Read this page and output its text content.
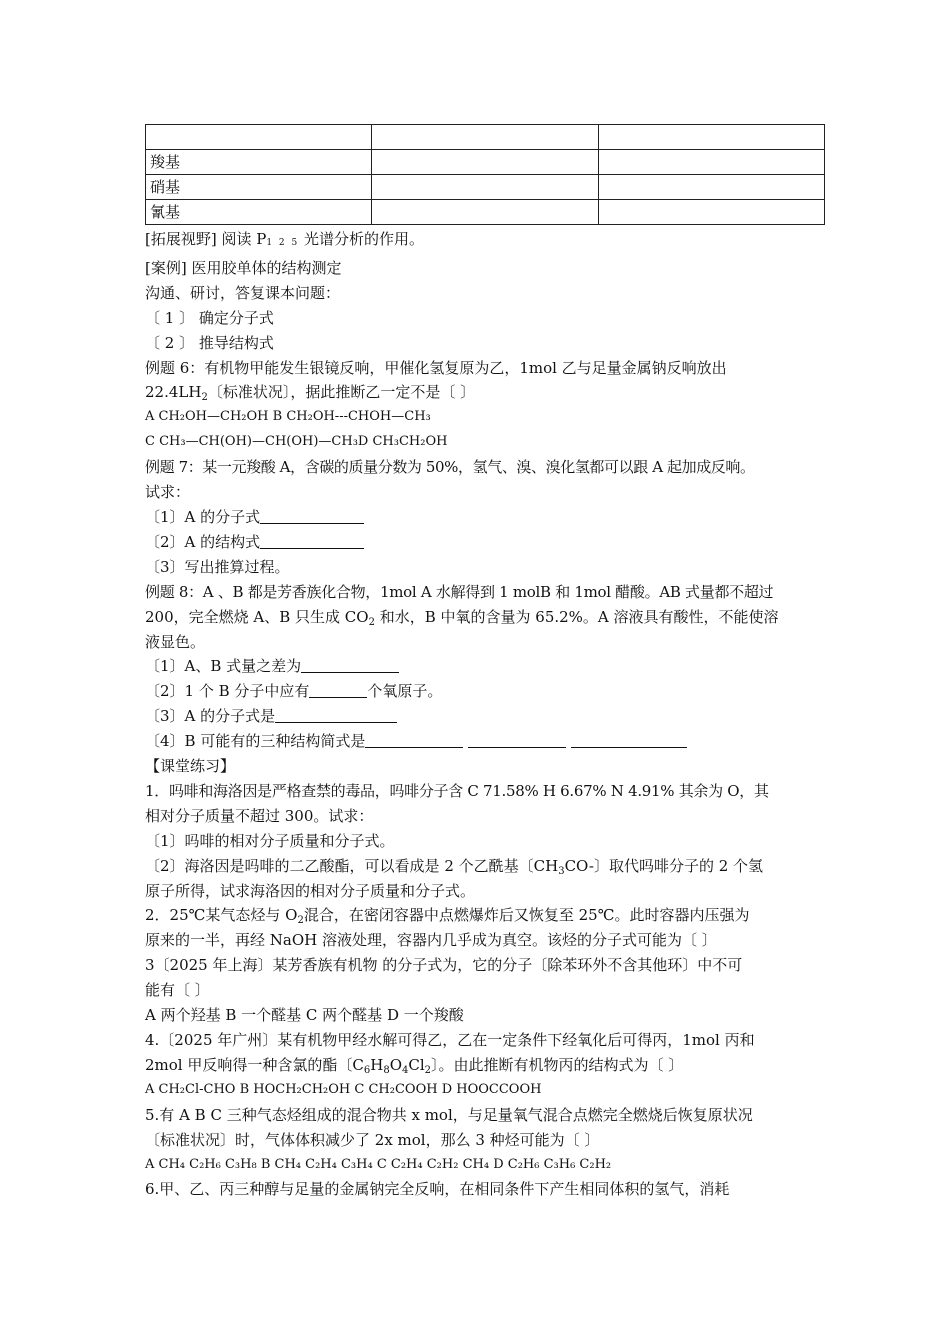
羧基		
硝基		
氰基		
[拓展视野] 阅读 P1 2 5 光谱分析的作用。
[案例] 医用胶单体的结构测定
沟通、研讨，答复课本问题：
〔 1 〕 确定分子式
〔 2 〕 推导结构式
例题 6：有机物甲能发生银镜反响，甲催化氢复原为乙，1mol 乙与足量金属钠反响放出
$22.4LH_2$〔标准状况〕，据此推断乙一定不是〔 〕
A CH₂OH—CH₂OH B CH₂OH---CHOH—CH₃
C CH₃—CH(OH)—CH(OH)—CH₃D CH₃CH₂OH
例题 7：某一元羧酸 A，含碳的质量分数为 50%，氢气、溴、溴化氢都可以跟 A 起加成反响。
试求：
〔1〕A 的分子式
〔2〕A 的结构式
〔3〕写出推算过程。
例题 8：A 、B 都是芳香族化合物，1mol A 水解得到 1 molB 和 1mol 醋酸。AB 式量都不超过
200，完全燃烧 A、B 只生成 $CO_2$ 和水，B 中氧的含量为 65.2%。A 溶液具有酸性，不能使溶
液显色。
〔1〕A、B 式量之差为
〔2〕1 个 B 分子中应有	个氧原子。
〔3〕A 的分子式是
〔4〕B 可能有的三种结构简式是
【课堂练习】
1．吗啡和海洛因是严格查禁的毒品，吗啡分子含 C 71.58% H 6.67% N 4.91% 其余为 O，其
相对分子质量不超过 300。试求：
〔1〕吗啡的相对分子质量和分子式。
〔2〕海洛因是吗啡的二乙酸酯，可以看成是 2 个乙酰基〔$CH_3CO-$〕取代吗啡分子的 2 个氢
原子所得，试求海洛因的相对分子质量和分子式。
2．25℃某气态烃与 $O_2$混合，在密闭容器中点燃爆炸后又恢复至 25℃。此时容器内压强为
原来的一半，再经 NaOH 溶液处理，容器内几乎成为真空。该烃的分子式可能为〔 〕
3〔2025 年上海〕某芳香族有机物 的分子式为，它的分子〔除苯环外不含其他环〕中不可
能有〔 〕
A 两个羟基 B 一个醛基 C 两个醛基 D 一个羧酸
4.〔2025 年广州〕某有机物甲经水解可得乙，乙在一定条件下经氧化后可得丙，1mol 丙和
2mol 甲反响得一种含氯的酯〔$C_6H_8O_4Cl_2$〕。由此推断有机物丙的结构式为〔 〕
A CH₂Cl-CHO B HOCH₂CH₂OH C CH₂COOH D HOOCCOOH
5.有 A B C 三种气态烃组成的混合物共 x mol，与足量氧气混合点燃完全燃烧后恢复原状况
〔标准状况〕时，气体体积减少了 2x mol，那么 3 种烃可能为〔 〕
A CH₄ C₂H₆ C₃H₈ B CH₄ C₂H₄ C₃H₄ C C₂H₄ C₂H₂ CH₄ D C₂H₆ C₃H₆ C₂H₂
6.甲、乙、丙三种醇与足量的金属钠完全反响，在相同条件下产生相同体积的氢气，消耗
